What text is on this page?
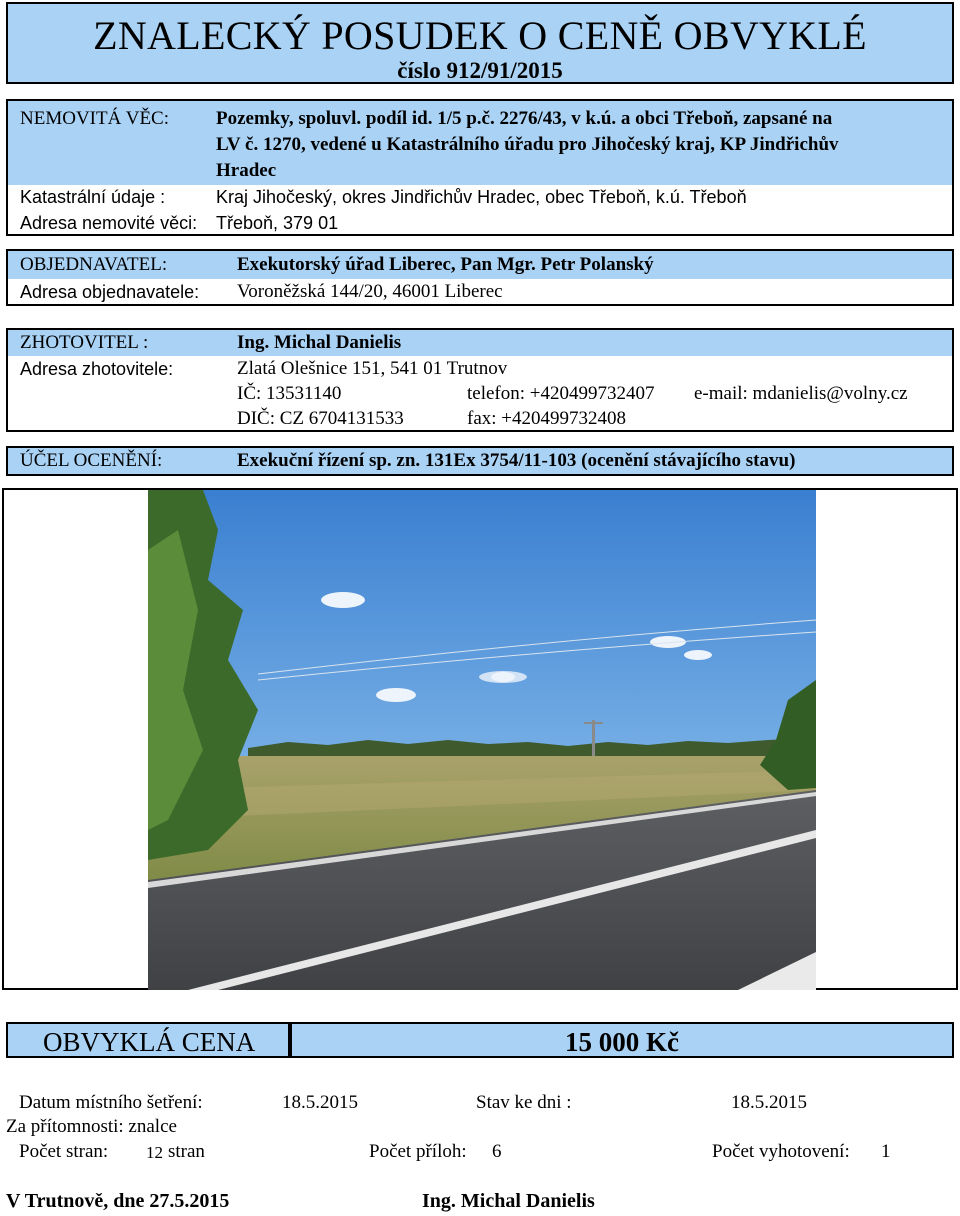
ZNALECKÝ POSUDEK O CENĚ OBVYKLÉ
číslo 912/91/2015
NEMOVITÁ VĚC: Pozemky, spoluvl. podíl id. 1/5 p.č. 2276/43, v k.ú. a obci Třeboň, zapsané na
LV č. 1270, vedené u Katastrálního úřadu pro Jihočeský kraj, KP Jindřichův
Hradec
Katastrální údaje :	Kraj Jihočeský, okres Jindřichův Hradec, obec Třeboň, k.ú. Třeboň
Adresa nemovité věci: Třeboň, 379 01
OBJEDNAVATEL:	Exekutorský úřad Liberec, Pan Mgr. Petr Polanský
Adresa objednavatele: Voroněžská 144/20, 46001 Liberec
ZHOTOVITEL :	Ing. Michal Danielis
Adresa zhotovitele:	Zlatá Olešnice 151, 541 01 Trutnov
IČ: 13531140	telefon: +420499732407 e-mail: mdanielis@volny.cz
DIČ: CZ 6704131533	fax: +420499732408
ÚČEL OCENĚNÍ:	Exekuční řízení sp. zn. 131Ex 3754/11-103 (ocenění stávajícího stavu)
OBVYKLÁ CENA	15 000 Kč
Datum místního šetření:	18.5.2015	Stav ke dni :	18.5.2015
Za přítomnosti: znalce
Počet stran: 12 stran	Počet příloh: 6	Počet vyhotovení: 1
V Trutnově, dne 27.5.2015	Ing. Michal Danielis
